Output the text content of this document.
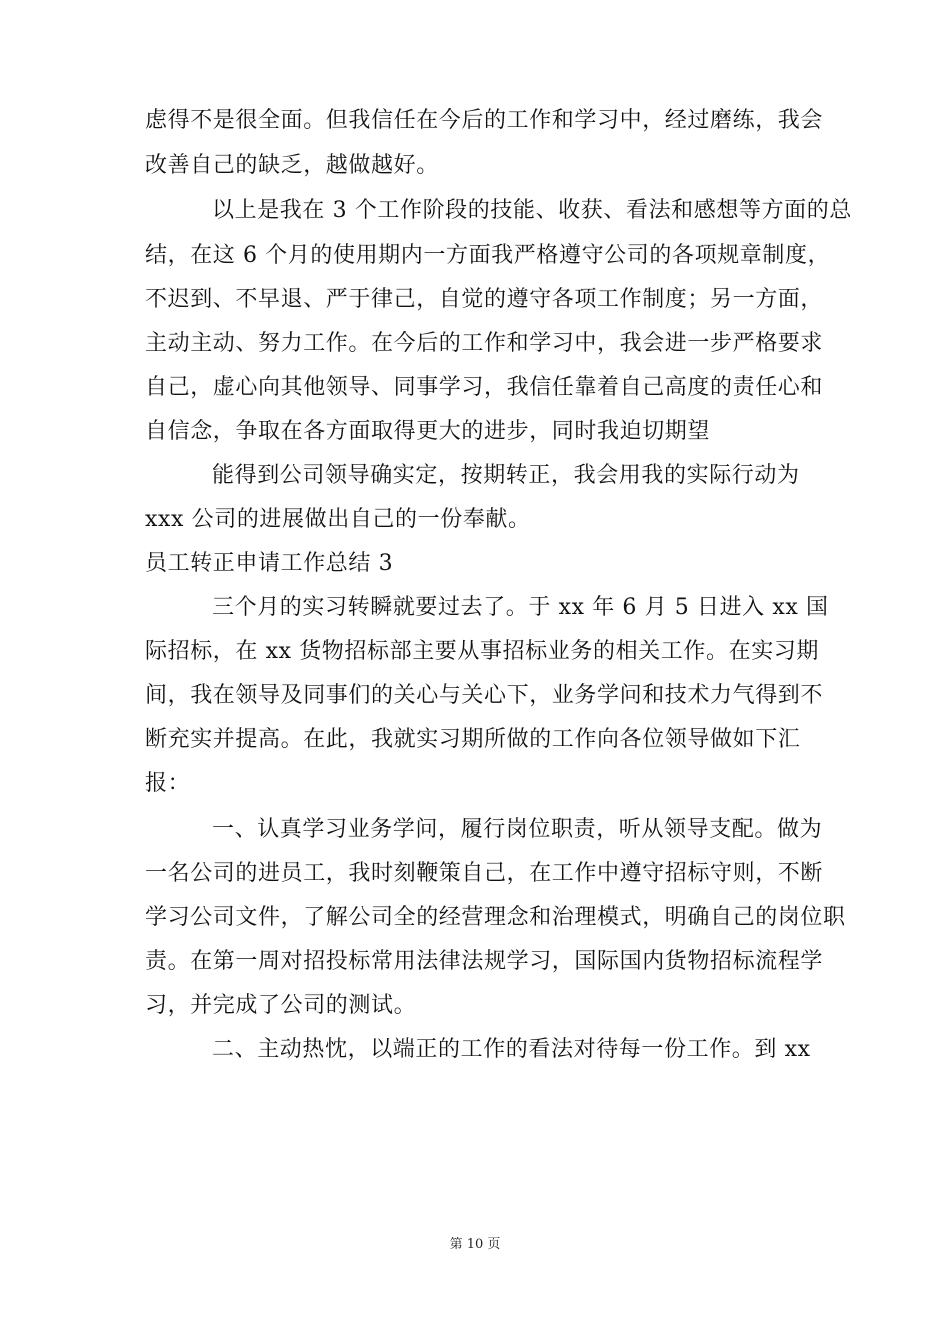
虑得不是很全面。但我信任在今后的工作和学习中，经过磨练，我会
改善自己的缺乏，越做越好。
以上是我在 3 个工作阶段的技能、收获、看法和感想等方面的总
结，在这 6 个月的使用期内一方面我严格遵守公司的各项规章制度，
不迟到、不早退、严于律己，自觉的遵守各项工作制度；另一方面，
主动主动、努力工作。在今后的工作和学习中，我会进一步严格要求
自己，虚心向其他领导、同事学习，我信任靠着自己高度的责任心和
自信念，争取在各方面取得更大的进步，同时我迫切期望
能得到公司领导确实定，按期转正，我会用我的实际行动为
xxx 公司的进展做出自己的一份奉献。
员工转正申请工作总结 3
三个月的实习转瞬就要过去了。于 xx 年 6 月 5 日进入 xx 国
际招标，在 xx 货物招标部主要从事招标业务的相关工作。在实习期
间，我在领导及同事们的关心与关心下，业务学问和技术力气得到不
断充实并提高。在此，我就实习期所做的工作向各位领导做如下汇
报：
一、认真学习业务学问，履行岗位职责，听从领导支配。做为
一名公司的进员工，我时刻鞭策自己，在工作中遵守招标守则，不断
学习公司文件，了解公司全的经营理念和治理模式，明确自己的岗位职
责。在第一周对招投标常用法律法规学习，国际国内货物招标流程学
习，并完成了公司的测试。
二、主动热忱，以端正的工作的看法对待每一份工作。到 xx
第 10 页
